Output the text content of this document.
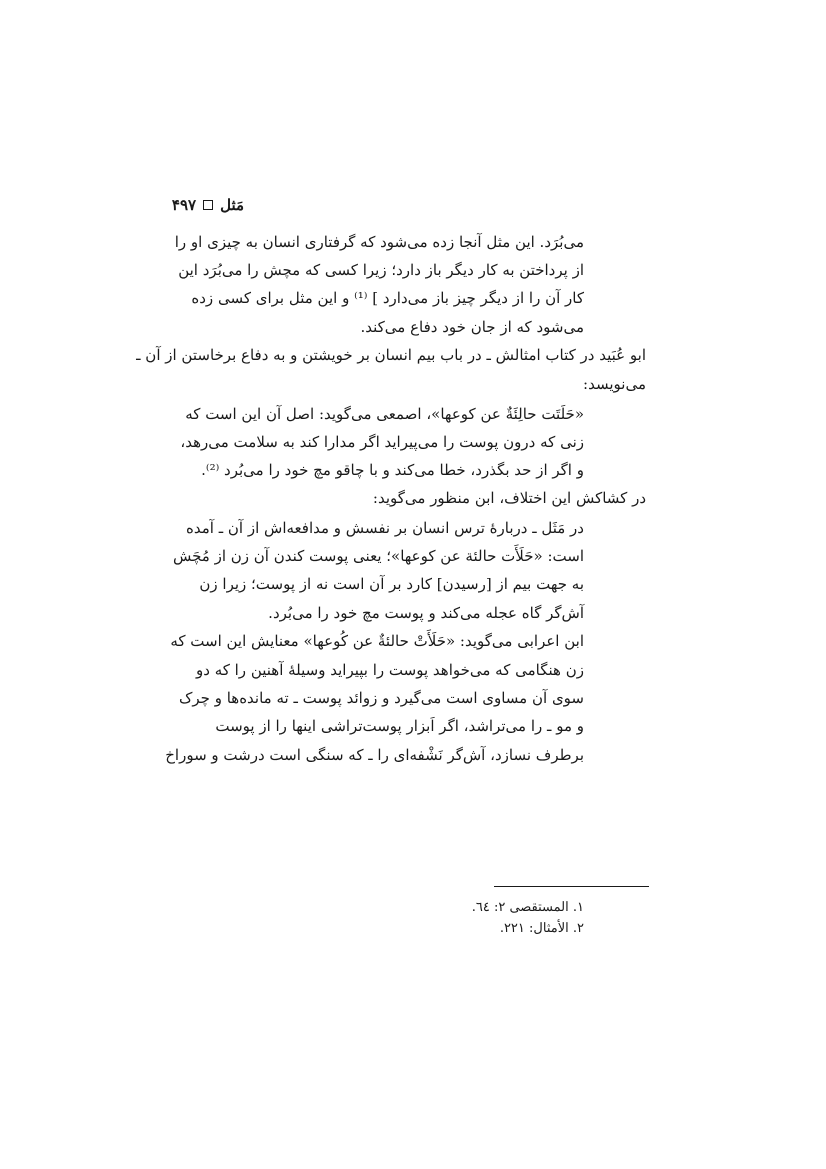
مَثل
۴۹۷
می‌بُرَد. این مثل آنجا زده می‌شود که گرفتاری انسان به چیزی او را
از پرداختن به کار دیگر باز دارد؛ زیرا کسی که مچش را می‌بُرَد این
کار آن را از دیگر چیز باز می‌دارد ] ⁽¹⁾ و این مثل برای کسی زده
می‌شود که از جان خود دفاع می‌کند.
ابو عُبَید در کتاب امثالش ـ در باب بیم انسان بر خویشتن و به دفاع برخاستن از آن ـ
می‌نویسد:
«حَلَتَت حالِئَةٌ عن کوعها»، اصمعی می‌گوید: اصل آن این است که
زنی که درون پوست را می‌پیراید اگر مدارا کند به سلامت می‌رهد،
و اگر از حد بگذرد، خطا می‌کند و با چاقو مچ خود را می‌بُرد ⁽²⁾.
در کشاکش این اختلاف، ابن منظور می‌گوید:
در مَثَل ـ دربارهٔ ترس انسان بر نفسش و مدافعه‌اش از آن ـ آمده
است: «حَلَأَت حالئة عن کوعها»؛ یعنی پوست کندن آن زن از مُچَش
به جهت بیم از [رسیدن] کارد بر آن است نه از پوست؛ زیرا زن
آش‌گر گاه عجله می‌کند و پوست مچ خود را می‌بُرد.
ابن اعرابی می‌گوید: «حَلَأَتْ حالئةٌ عن کُوعها» معنایش این است که
زن هنگامی که می‌خواهد پوست را بپیراید وسیلهٔ آهنین را که دو
سوی آن مساوی است می‌گیرد و زوائد پوست ـ ته مانده‌ها و چرک
و مو ـ را می‌تراشد، اگر اَبزار پوست‌تراشی اینها را از پوست
برطرف نسازد، آش‌گر نَشْفه‌ای را ـ که سنگی است درشت و سوراخ
١. المستقصی ٢: ٦٤.
٢. الأمثال: ٢٢١.
